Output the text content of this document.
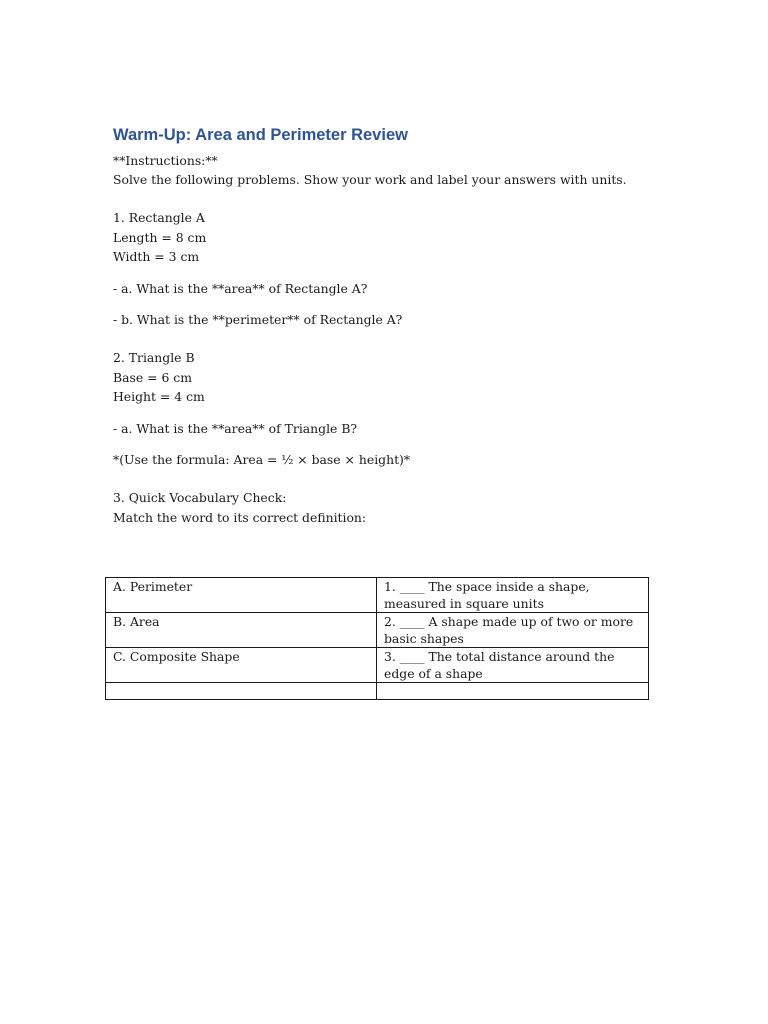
Warm-Up: Area and Perimeter Review

**Instructions:**

Solve the following problems. Show your work and label your answers with units.

1. Rectangle A

Length = 8 cm

Width = 3 cm

- a. What is the **area** of Rectangle A?

- b. What is the **perimeter** of Rectangle A?

2. Triangle B

Base = 6 cm

Height = 4 cm

- a. What is the **area** of Triangle B?

*(Use the formula: Area = ½ × base × height)*

3. Quick Vocabulary Check:

Match the word to its correct definition:

A. Perimeter	1. ____ The space inside a shape, measured in square units
B. Area	2. ____ A shape made up of two or more basic shapes
C. Composite Shape	3. ____ The total distance around the edge of a shape
